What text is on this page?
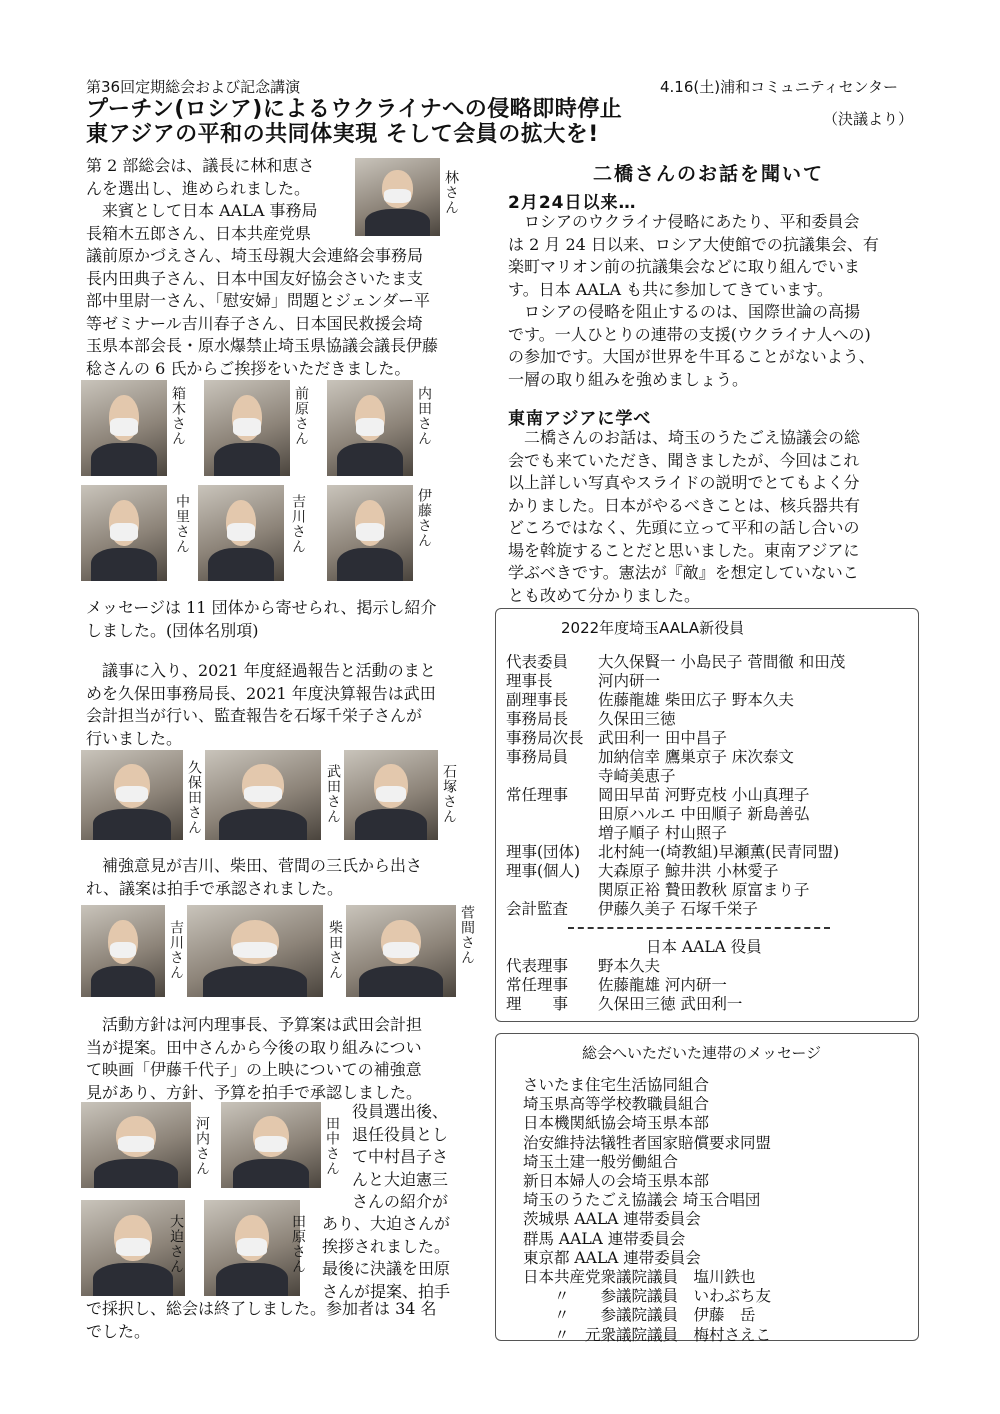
第36回定期総会および記念講演	4.16(土)浦和コミュニティセンター
プーチン(ロシア)によるウクライナへの侵略即時停止
東アジアの平和の共同体実現 そして会員の拡大を!
（決議より）
第 2 部総会は、議長に林和恵さ
んを選出し、進められました。
　来賓として日本 AALA 事務局
長箱木五郎さん、日本共産党県
議前原かづえさん、埼玉母親大会連絡会事務局
長内田典子さん、日本中国友好協会さいたま支
部中里尉一さん、「慰安婦」問題とジェンダー平
等ゼミナール吉川春子さん、日本国民救援会埼
玉県本部会長・原水爆禁止埼玉県協議会議長伊藤
稔さんの 6 氏からご挨拶をいただきました。
林さん
箱木さん	前原さん	内田さん
中里さん	吉川さん	伊藤さん
メッセージは 11 団体から寄せられ、掲示し紹介
しました。(団体名別項)
　議事に入り、2021 年度経過報告と活動のまと
めを久保田事務局長、2021 年度決算報告は武田
会計担当が行い、監査報告を石塚千栄子さんが
行いました。
久保田さん	武田さん	石塚さん
　補強意見が吉川、柴田、菅間の三氏から出さ
れ、議案は拍手で承認されました。
吉川さん	柴田さん	菅間さん
　活動方針は河内理事長、予算案は武田会計担
当が提案。田中さんから今後の取り組みについ
て映画「伊藤千代子」の上映についての補強意
見があり、方針、予算を拍手で承認しました。
河内さん	田中さん
役員選出後、
退任役員とし
て中村昌子さ
んと大迫憲三
さんの紹介が
大迫さん	田原さん あり、大迫さんが
挨拶されました。
最後に決議を田原
さんが提案、拍手
で採択し、総会は終了しました。参加者は 34 名
でした。
二橋さんのお話を聞いて
2月24日以来…
　ロシアのウクライナ侵略にあたり、平和委員会
は 2 月 24 日以来、ロシア大使館での抗議集会、有
楽町マリオン前の抗議集会などに取り組んでいま
す。日本 AALA も共に参加してきています。
　ロシアの侵略を阻止するのは、国際世論の高揚
です。一人ひとりの連帯の支援(ウクライナ人への)
の参加です。大国が世界を牛耳ることがないよう、
一層の取り組みを強めましょう。
東南アジアに学べ
　二橋さんのお話は、埼玉のうたごえ協議会の総
会でも来ていただき、聞きましたが、今回はこれ
以上詳しい写真やスライドの説明でとてもよく分
かりました。日本がやるべきことは、核兵器共有
どころではなく、先頭に立って平和の話し合いの
場を斡旋することだと思いました。東南アジアに
学ぶべきです。憲法が『敵』を想定していないこ
とも改めて分かりました。
2022年度埼玉AALA新役員
代表委員	大久保賢一 小島民子 菅間徹 和田茂
理事長	河内研一
副理事長	佐藤龍雄 柴田広子 野本久夫
事務局長	久保田三徳
事務局次長 武田利一 田中昌子
事務局員	加納信幸 鷹巣京子 床次泰文
寺崎美恵子
常任理事	岡田早苗 河野克枝 小山真理子
田原ハルエ 中田順子 新島善弘
増子順子 村山照子
理事(団体)	北村純一(埼教組)早瀬薫(民青同盟)
理事(個人)	大森原子 鯨井洪 小林愛子
関原正裕 贄田教秋 原富まり子
会計監査	伊藤久美子 石塚千栄子
日本 AALA 役員
代表理事	野本久夫
常任理事	佐藤龍雄 河内研一
理　　事	久保田三徳 武田利一
総会へいただいた連帯のメッセージ
さいたま住宅生活協同組合
埼玉県高等学校教職員組合
日本機関紙協会埼玉県本部
治安維持法犠牲者国家賠償要求同盟
埼玉土建一般労働組合
新日本婦人の会埼玉県本部
埼玉のうたごえ協議会 埼玉合唱団
茨城県 AALA 連帯委員会
群馬 AALA 連帯委員会
東京都 AALA 連帯委員会
日本共産党衆議院議員　塩川鉄也
　　〃　　参議院議員　いわぶち友
　　〃　　参議院議員　伊藤　岳
　　〃　元衆議院議員　梅村さえこ
